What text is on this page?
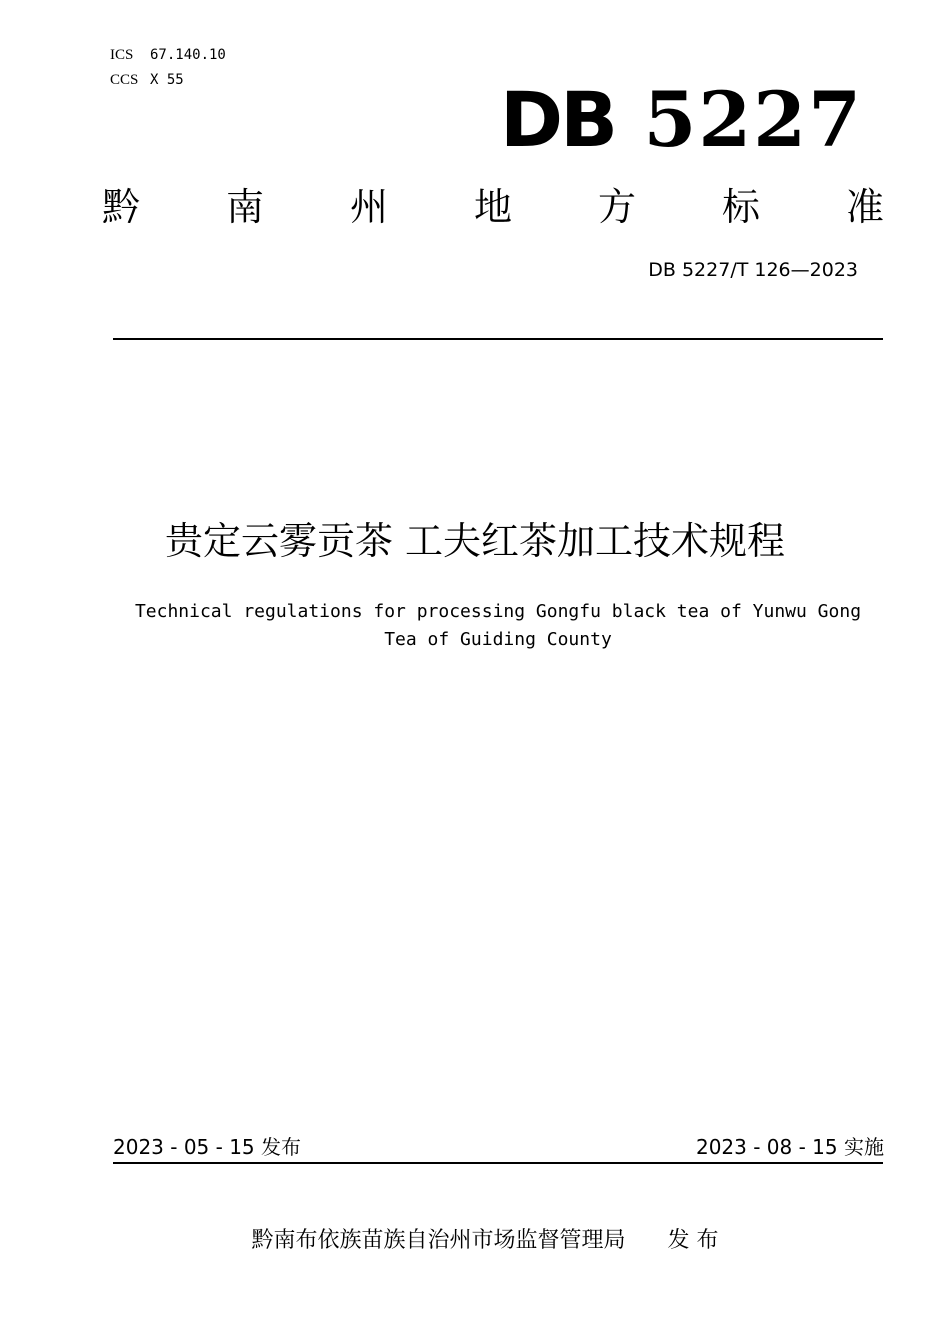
ICS 67.140.10
CCS X 55	DB 5227
黔 南 州 地 方 标 准
DB 5227/T 126—2023
贵定云雾贡茶 工夫红茶加工技术规程
Technical regulations for processing Gongfu black tea of Yunwu Gong Tea of Guiding County
2023 - 05 - 15 发布	2023 - 08 - 15 实施
黔南布依族苗族自治州市场监督管理局      发 布
